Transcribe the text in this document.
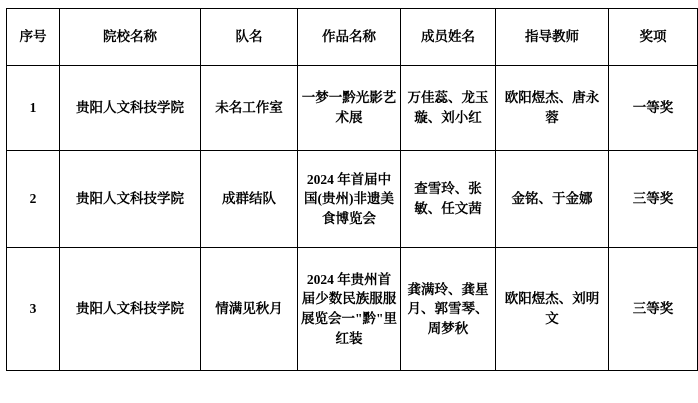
序号	院校名称	队名	作品名称	成员姓名	指导教师	奖项
1	贵阳人文科技学院	未名工作室	一梦一黔光影艺术展	万佳蕊、龙玉璇、刘小红	欧阳煜杰、唐永蓉	一等奖
2	贵阳人文科技学院	成群结队	2024 年首届中国(贵州)非遗美食博览会	查雪玲、张敏、任文茜	金铭、于金娜	三等奖
3	贵阳人文科技学院	情满见秋月	2024 年贵州首届少数民族服服展览会一"黔"里红装	龚满玲、龚星月、郭雪琴、周梦秋	欧阳煜杰、刘明文	三等奖
